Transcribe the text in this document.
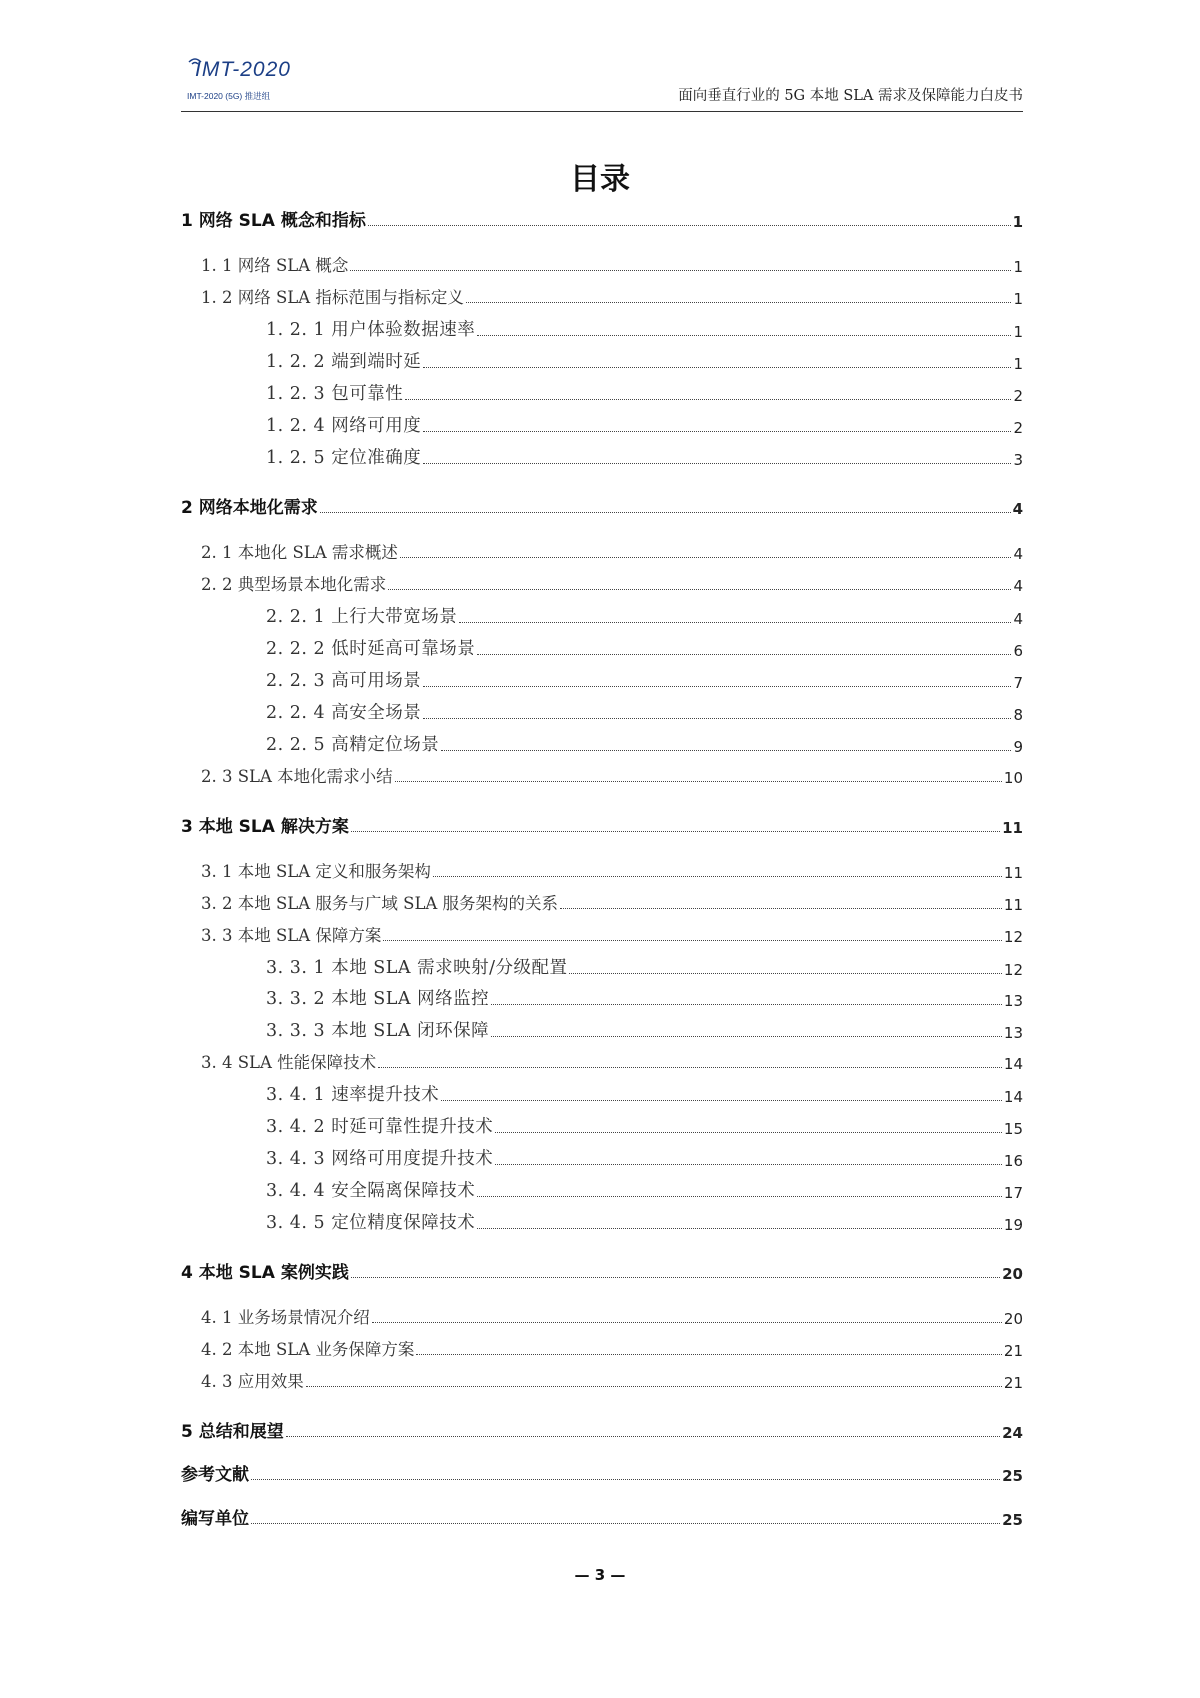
IMT-2020
IMT-2020 (5G) 推进组	面向垂直行业的 5G 本地 SLA 需求及保障能力白皮书
目录
1 网络 SLA 概念和指标	1
1. 1 网络 SLA 概念	1
1. 2 网络 SLA 指标范围与指标定义	1
1. 2. 1 用户体验数据速率	1
1. 2. 2 端到端时延	1
1. 2. 3 包可靠性	2
1. 2. 4 网络可用度	2
1. 2. 5 定位准确度	3
2 网络本地化需求	4
2. 1 本地化 SLA 需求概述	4
2. 2 典型场景本地化需求	4
2. 2. 1 上行大带宽场景	4
2. 2. 2 低时延高可靠场景	6
2. 2. 3 高可用场景	7
2. 2. 4 高安全场景	8
2. 2. 5 高精定位场景	9
2. 3 SLA 本地化需求小结	10
3 本地 SLA 解决方案	11
3. 1 本地 SLA 定义和服务架构	11
3. 2 本地 SLA 服务与广域 SLA 服务架构的关系	11
3. 3 本地 SLA 保障方案	12
3. 3. 1 本地 SLA 需求映射/分级配置	12
3. 3. 2 本地 SLA 网络监控	13
3. 3. 3 本地 SLA 闭环保障	13
3. 4 SLA 性能保障技术	14
3. 4. 1 速率提升技术	14
3. 4. 2 时延可靠性提升技术	15
3. 4. 3 网络可用度提升技术	16
3. 4. 4 安全隔离保障技术	17
3. 4. 5 定位精度保障技术	19
4 本地 SLA 案例实践	20
4. 1 业务场景情况介绍	20
4. 2 本地 SLA 业务保障方案	21
4. 3 应用效果	21
5 总结和展望	24
参考文献	25
编写单位	25
— 3 —
